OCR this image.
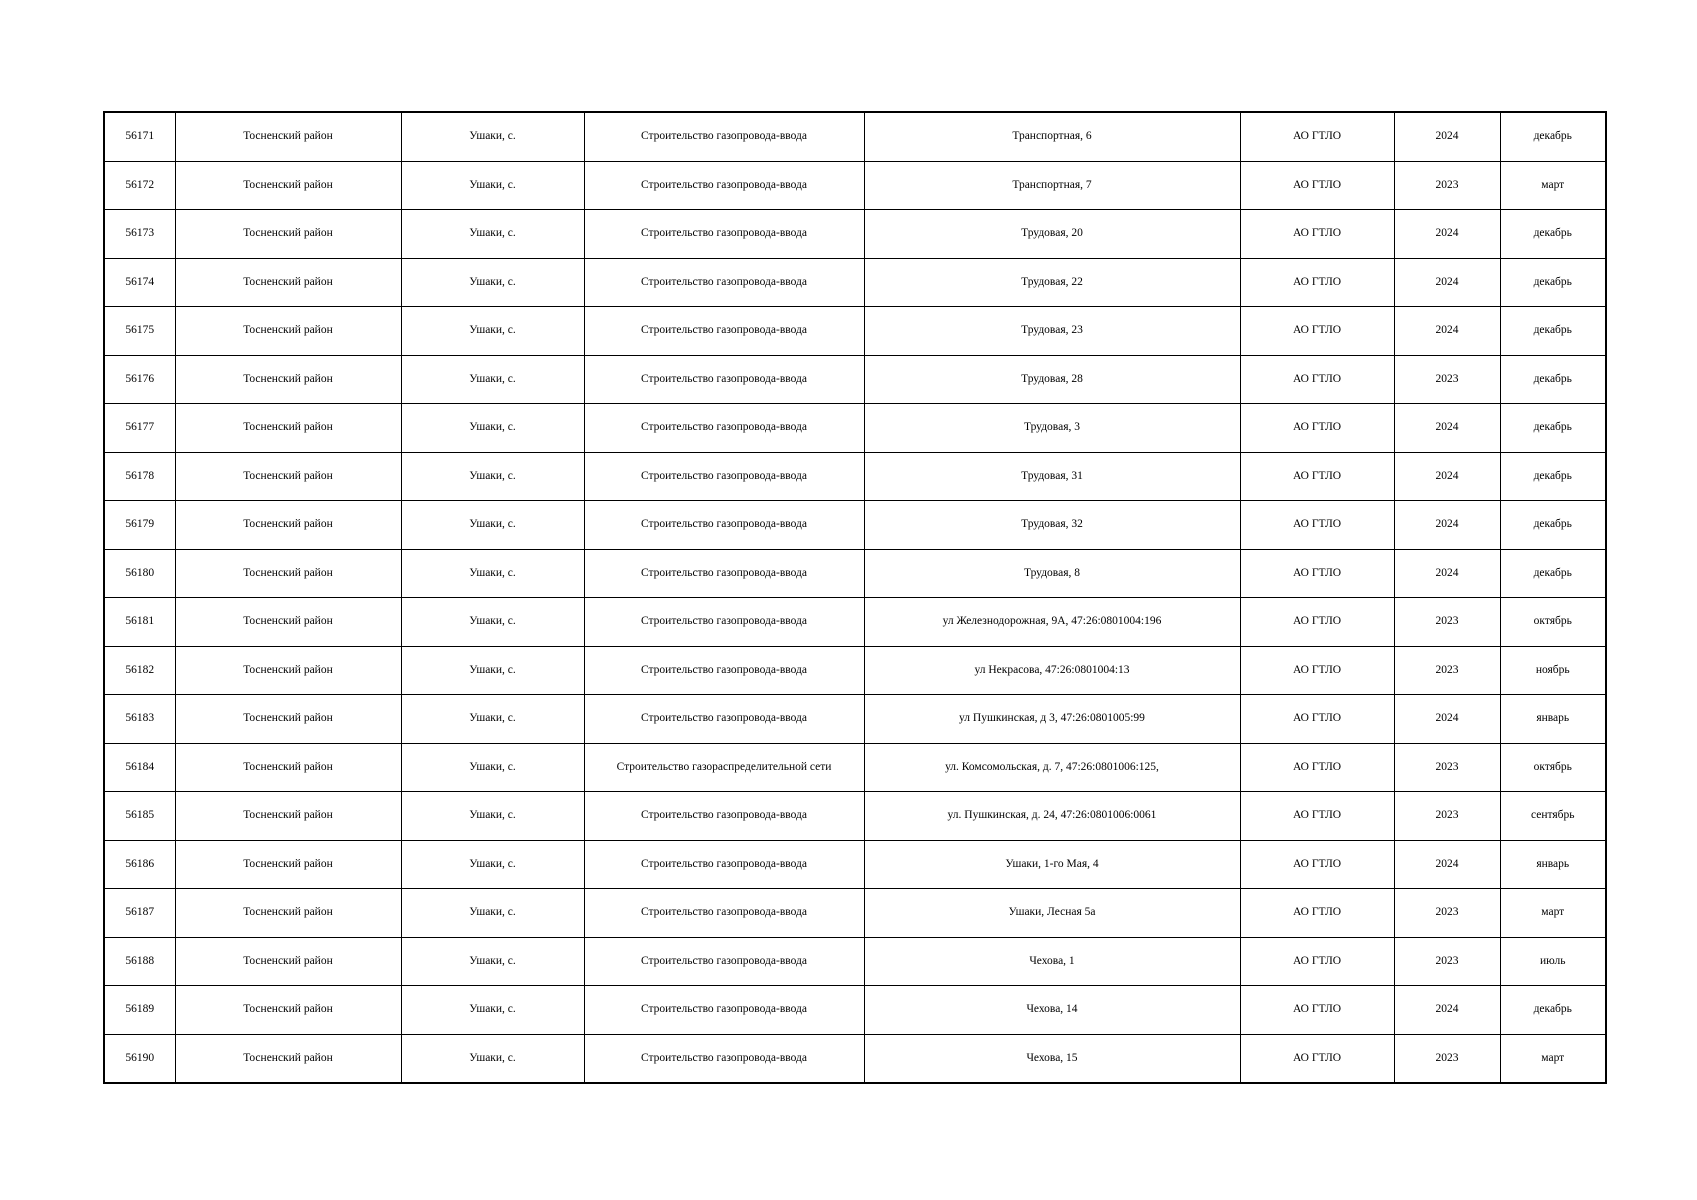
56171	Тосненский район	Ушаки, с.	Строительство газопровода-ввода	Транспортная, 6	АО ГТЛО	2024	декабрь
56172	Тосненский район	Ушаки, с.	Строительство газопровода-ввода	Транспортная, 7	АО ГТЛО	2023	март
56173	Тосненский район	Ушаки, с.	Строительство газопровода-ввода	Трудовая, 20	АО ГТЛО	2024	декабрь
56174	Тосненский район	Ушаки, с.	Строительство газопровода-ввода	Трудовая, 22	АО ГТЛО	2024	декабрь
56175	Тосненский район	Ушаки, с.	Строительство газопровода-ввода	Трудовая, 23	АО ГТЛО	2024	декабрь
56176	Тосненский район	Ушаки, с.	Строительство газопровода-ввода	Трудовая, 28	АО ГТЛО	2023	декабрь
56177	Тосненский район	Ушаки, с.	Строительство газопровода-ввода	Трудовая, 3	АО ГТЛО	2024	декабрь
56178	Тосненский район	Ушаки, с.	Строительство газопровода-ввода	Трудовая, 31	АО ГТЛО	2024	декабрь
56179	Тосненский район	Ушаки, с.	Строительство газопровода-ввода	Трудовая, 32	АО ГТЛО	2024	декабрь
56180	Тосненский район	Ушаки, с.	Строительство газопровода-ввода	Трудовая, 8	АО ГТЛО	2024	декабрь
56181	Тосненский район	Ушаки, с.	Строительство газопровода-ввода	ул Железнодорожная, 9А, 47:26:0801004:196	АО ГТЛО	2023	октябрь
56182	Тосненский район	Ушаки, с.	Строительство газопровода-ввода	ул Некрасова, 47:26:0801004:13	АО ГТЛО	2023	ноябрь
56183	Тосненский район	Ушаки, с.	Строительство газопровода-ввода	ул Пушкинская, д 3, 47:26:0801005:99	АО ГТЛО	2024	январь
56184	Тосненский район	Ушаки, с.	Строительство газораспределительной сети	ул. Комсомольская, д. 7, 47:26:0801006:125,	АО ГТЛО	2023	октябрь
56185	Тосненский район	Ушаки, с.	Строительство газопровода-ввода	ул. Пушкинская, д. 24, 47:26:0801006:0061	АО ГТЛО	2023	сентябрь
56186	Тосненский район	Ушаки, с.	Строительство газопровода-ввода	Ушаки, 1-го Мая, 4	АО ГТЛО	2024	январь
56187	Тосненский район	Ушаки, с.	Строительство газопровода-ввода	Ушаки, Лесная 5а	АО ГТЛО	2023	март
56188	Тосненский район	Ушаки, с.	Строительство газопровода-ввода	Чехова, 1	АО ГТЛО	2023	июль
56189	Тосненский район	Ушаки, с.	Строительство газопровода-ввода	Чехова, 14	АО ГТЛО	2024	декабрь
56190	Тосненский район	Ушаки, с.	Строительство газопровода-ввода	Чехова, 15	АО ГТЛО	2023	март
